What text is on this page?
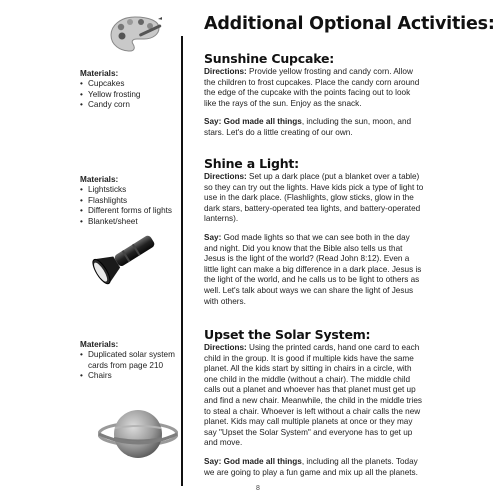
Additional Optional Activities:
Materials:
• Cupcakes
• Yellow frosting
• Candy corn
Materials:
• Lightsticks
• Flashlights
• Different forms of lights
• Blanket/sheet
Materials:
• Duplicated solar system cards from page 210
• Chairs
Sunshine Cupcake:

Directions: Provide yellow frosting and candy corn. Allow the children to frost cupcakes. Place the candy corn around the edge of the cupcake with the points facing out to look like the rays of the sun. Enjoy as the snack.

Say: God made all things, including the sun, moon, and stars. Let's do a little creating of our own.

Shine a Light:

Directions: Set up a dark place (put a blanket over a table) so they can try out the lights. Have kids pick a type of light to use in the dark place. (Flashlights, glow sticks, glow in the dark stars, battery-operated tea lights, and battery-operated lanterns).

Say: God made lights so that we can see both in the day and night. Did you know that the Bible also tells us that Jesus is the light of the world? (Read John 8:12). Even a little light can make a big difference in a dark place. Jesus is the light of the world, and he calls us to be light to others as well. Let's talk about ways we can share the light of Jesus with others.

Upset the Solar System:

Directions: Using the printed cards, hand one card to each child in the group. It is good if multiple kids have the same planet. All the kids start by sitting in chairs in a circle, with one child in the middle (without a chair). The middle child calls out a planet and whoever has that planet must get up and find a new chair. Meanwhile, the child in the middle tries to steal a chair. Whoever is left without a chair calls the new planet. Kids may call multiple planets at once or they may say "Upset the Solar System" and everyone has to get up and move.

Say: God made all things, including all the planets. Today we are going to play a fun game and mix up all the planets.

8
